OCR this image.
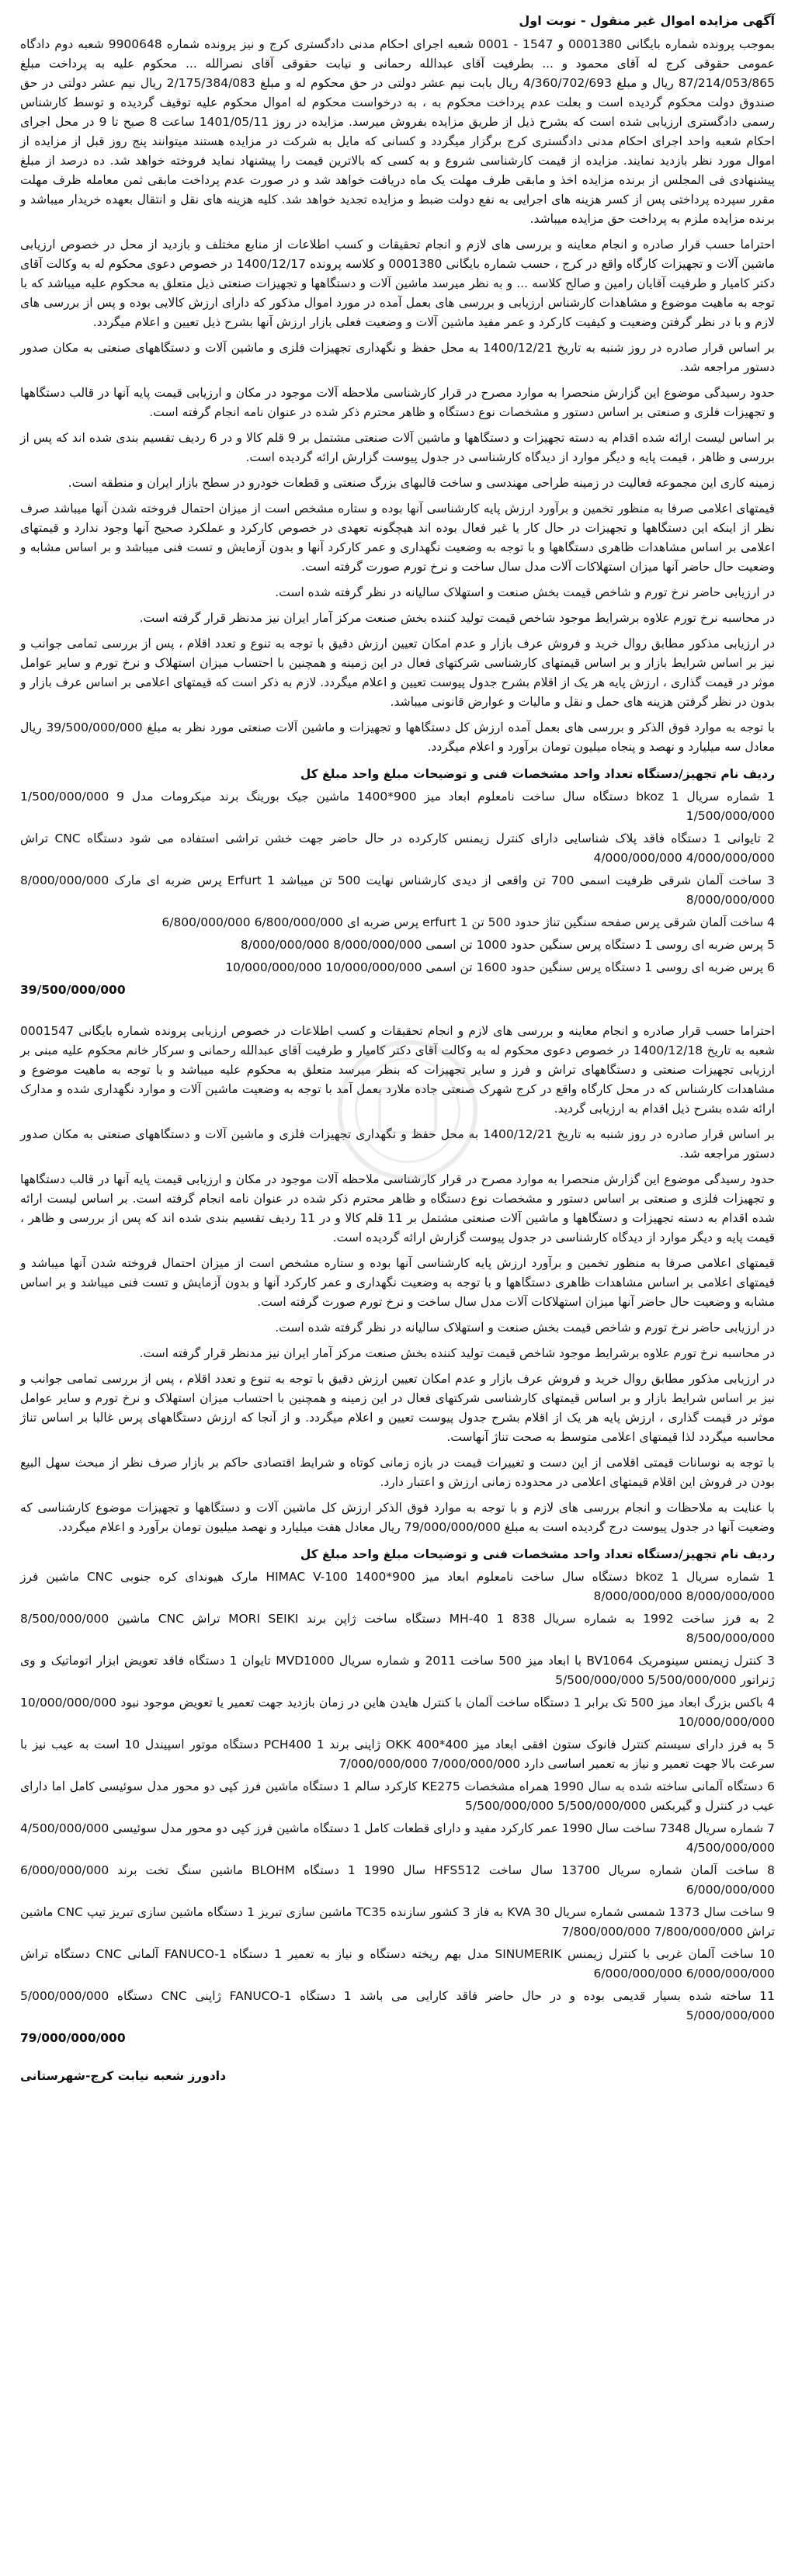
آگهی مزایده اموال غیر منقول - نوبت اول

بموجب پرونده شماره بایگانی 0001380 و 1547 - 0001 شعبه اجرای احکام مدنی دادگستری کرج و نیز پرونده شماره 9900648 شعبه دوم دادگاه عمومی حقوقی کرج له آقای محمود و ... بطرفیت آقای عبدالله رحمانی و نیابت حقوقی آقای نصرالله ... محکوم علیه به پرداخت مبلغ 87/214/053/865 ریال و مبلغ 4/360/702/693 ریال بابت نیم عشر دولتی در حق محکوم له و مبلغ 2/175/384/083 ریال نیم عشر دولتی در حق صندوق دولت محکوم گردیده است و بعلت عدم پرداخت محکوم به ، به درخواست محکوم له اموال محکوم علیه توقیف گردیده و توسط کارشناس رسمی دادگستری ارزیابی شده است که بشرح ذیل از طریق مزایده بفروش میرسد. مزایده در روز 1401/05/11 ساعت 8 صبح تا 9 در محل اجرای احکام شعبه واحد اجرای احکام مدنی دادگستری کرج برگزار میگردد و کسانی که مایل به شرکت در مزایده هستند میتوانند پنج روز قبل از مزایده از اموال مورد نظر بازدید نمایند. مزایده از قیمت کارشناسی شروع و به کسی که بالاترین قیمت را پیشنهاد نماید فروخته خواهد شد. ده درصد از مبلغ پیشنهادی فی المجلس از برنده مزایده اخذ و مابقی ظرف مهلت یک ماه دریافت خواهد شد و در صورت عدم پرداخت مابقی ثمن معامله ظرف مهلت مقرر سپرده پرداختی پس از کسر هزینه های اجرایی به نفع دولت ضبط و مزایده تجدید خواهد شد. کلیه هزینه های نقل و انتقال بعهده خریدار میباشد و برنده مزایده ملزم به پرداخت حق مزایده میباشد.

احتراما حسب قرار صادره و انجام معاینه و بررسی های لازم و انجام تحقیقات و کسب اطلاعات از منابع مختلف و بازدید از محل در خصوص ارزیابی ماشین آلات و تجهیزات کارگاه واقع در کرج ، حسب شماره بایگانی 0001380 و کلاسه پرونده 1400/12/17 در خصوص دعوی محکوم له به وکالت آقای دکتر کامیار و طرفیت آقایان رامین و صالح کلاسه ... و به نظر میرسد ماشین آلات و دستگاهها و تجهیزات صنعتی ذیل متعلق به محکوم علیه میباشد که با توجه به ماهیت موضوع و مشاهدات کارشناس ارزیابی و بررسی های بعمل آمده در مورد اموال مذکور که دارای ارزش کالایی بوده و پس از بررسی های لازم و با در نظر گرفتن وضعیت و کیفیت کارکرد و عمر مفید ماشین آلات و وضعیت فعلی بازار ارزش آنها بشرح ذیل تعیین و اعلام میگردد.

بر اساس قرار صادره در روز شنبه به تاریخ 1400/12/21 به محل حفظ و نگهداری تجهیزات فلزی و ماشین آلات و دستگاههای صنعتی به مکان صدور دستور مراجعه شد.

حدود رسیدگی موضوع این گزارش منحصرا به موارد مصرح در قرار کارشناسی ملاحظه آلات موجود در مکان و ارزیابی قیمت پایه آنها در قالب دستگاهها و تجهیزات فلزی و صنعتی بر اساس دستور و مشخصات نوع دستگاه و ظاهر محترم ذکر شده در عنوان نامه انجام گرفته است.

بر اساس لیست ارائه شده اقدام به دسته تجهیزات و دستگاهها و ماشین آلات صنعتی مشتمل بر 9 قلم کالا و در 6 ردیف تقسیم بندی شده اند که پس از بررسی و ظاهر ، قیمت پایه و دیگر موارد از دیدگاه کارشناسی در جدول پیوست گزارش ارائه گردیده است.

زمینه کاری این مجموعه فعالیت در زمینه طراحی مهندسی و ساخت قالبهای بزرگ صنعتی و قطعات خودرو در سطح بازار ایران و منطقه است.

قیمتهای اعلامی صرفا به منظور تخمین و برآورد ارزش پایه کارشناسی آنها بوده و ستاره مشخص است از میزان احتمال فروخته شدن آنها میباشد صرف نظر از اینکه این دستگاهها و تجهیزات در حال کار یا غیر فعال بوده اند هیچگونه تعهدی در خصوص کارکرد و عملکرد صحیح آنها وجود ندارد و قیمتهای اعلامی بر اساس مشاهدات ظاهری دستگاهها و با توجه به وضعیت نگهداری و عمر کارکرد آنها و بدون آزمایش و تست فنی میباشد و بر اساس مشابه و وضعیت حال حاضر آنها میزان استهلاکات آلات مدل سال ساخت و نرخ تورم صورت گرفته است.

در ارزیابی حاضر نرخ تورم و شاخص قیمت بخش صنعت و استهلاک سالیانه در نظر گرفته شده است.

در محاسبه نرخ تورم علاوه برشرایط موجود شاخص قیمت تولید کننده بخش صنعت مرکز آمار ایران نیز مدنظر قرار گرفته است.

در ارزیابی مذکور مطابق روال خرید و فروش عرف بازار و عدم امکان تعیین ارزش دقیق با توجه به تنوع و تعدد اقلام ، پس از بررسی تمامی جوانب و نیز بر اساس شرایط بازار و بر اساس قیمتهای کارشناسی شرکتهای فعال در این زمینه و همچنین با احتساب میزان استهلاک و نرخ تورم و سایر عوامل موثر در قیمت گذاری ، ارزش پایه هر یک از اقلام بشرح جدول پیوست تعیین و اعلام میگردد. لازم به ذکر است که قیمتهای اعلامی بر اساس عرف بازار و بدون در نظر گرفتن هزینه های حمل و نقل و مالیات و عوارض قانونی میباشد.

با توجه به موارد فوق الذکر و بررسی های بعمل آمده ارزش کل دستگاهها و تجهیزات و ماشین آلات صنعتی مورد نظر به مبلغ 39/500/000/000 ریال معادل سه میلیارد و نهصد و پنجاه میلیون تومان برآورد و اعلام میگردد.

ردیف نام تجهیز/دستگاه تعداد واحد مشخصات فنی و توضیحات مبلغ واحد مبلغ کل
1 شماره سریال bkoz 1 دستگاه سال ساخت نامعلوم ابعاد میز 900*1400 ماشین جیک بورینگ برند میکرومات مدل 9 1/500/000/000 1/500/000/000
2 تایوانی 1 دستگاه فاقد پلاک شناسایی دارای کنترل زیمنس کارکرده در حال حاضر جهت خشن تراشی استفاده می شود دستگاه CNC تراش 4/000/000/000 4/000/000/000
3 ساخت آلمان شرقی ظرفیت اسمی 700 تن واقعی از دیدی کارشناس نهایت 500 تن میباشد 1 Erfurt پرس ضربه ای مارک 8/000/000/000 8/000/000/000
4 ساخت آلمان شرقی پرس صفحه سنگین تناژ حدود 500 تن 1 erfurt پرس ضربه ای 6/800/000/000 6/800/000/000
5 پرس ضربه ای روسی 1 دستگاه پرس سنگین حدود 1000 تن اسمی 8/000/000/000 8/000/000/000
6 پرس ضربه ای روسی 1 دستگاه پرس سنگین حدود 1600 تن اسمی 10/000/000/000 10/000/000/000
39/500/000/000

احتراما حسب قرار صادره و انجام معاینه و بررسی های لازم و انجام تحقیقات و کسب اطلاعات در خصوص ارزیابی پرونده شماره بایگانی 0001547 شعبه به تاریخ 1400/12/18 در خصوص دعوی محکوم له به وکالت آقای دکتر کامیار و طرفیت آقای عبدالله رحمانی و سرکار خانم محکوم علیه مبنی بر ارزیابی تجهیزات صنعتی و دستگاههای تراش و فرز و سایر تجهیزات که بنظر میرسد متعلق به محکوم علیه میباشد و با توجه به ماهیت موضوع و مشاهدات کارشناس که در محل کارگاه واقع در کرج شهرک صنعتی جاده ملارد بعمل آمد با توجه به وضعیت ماشین آلات و موارد نگهداری شده و مدارک ارائه شده بشرح ذیل اقدام به ارزیابی گردید.

بر اساس قرار صادره در روز شنبه به تاریخ 1400/12/21 به محل حفظ و نگهداری تجهیزات فلزی و ماشین آلات و دستگاههای صنعتی به مکان صدور دستور مراجعه شد.

حدود رسیدگی موضوع این گزارش منحصرا به موارد مصرح در قرار کارشناسی ملاحظه آلات موجود در مکان و ارزیابی قیمت پایه آنها در قالب دستگاهها و تجهیزات فلزی و صنعتی بر اساس دستور و مشخصات نوع دستگاه و ظاهر محترم ذکر شده در عنوان نامه انجام گرفته است. بر اساس لیست ارائه شده اقدام به دسته تجهیزات و دستگاهها و ماشین آلات صنعتی مشتمل بر 11 قلم کالا و در 11 ردیف تقسیم بندی شده اند که پس از بررسی و ظاهر ، قیمت پایه و دیگر موارد از دیدگاه کارشناسی در جدول پیوست گزارش ارائه گردیده است.

قیمتهای اعلامی صرفا به منظور تخمین و برآورد ارزش پایه کارشناسی آنها بوده و ستاره مشخص است از میزان احتمال فروخته شدن آنها میباشد و قیمتهای اعلامی بر اساس مشاهدات ظاهری دستگاهها و با توجه به وضعیت نگهداری و عمر کارکرد آنها و بدون آزمایش و تست فنی میباشد و بر اساس مشابه و وضعیت حال حاضر آنها میزان استهلاکات آلات مدل سال ساخت و نرخ تورم صورت گرفته است.

در ارزیابی حاضر نرخ تورم و شاخص قیمت بخش صنعت و استهلاک سالیانه در نظر گرفته شده است.

در محاسبه نرخ تورم علاوه برشرایط موجود شاخص قیمت تولید کننده بخش صنعت مرکز آمار ایران نیز مدنظر قرار گرفته است.

در ارزیابی مذکور مطابق روال خرید و فروش عرف بازار و عدم امکان تعیین ارزش دقیق با توجه به تنوع و تعدد اقلام ، پس از بررسی تمامی جوانب و نیز بر اساس شرایط بازار و بر اساس قیمتهای کارشناسی شرکتهای فعال در این زمینه و همچنین با احتساب میزان استهلاک و نرخ تورم و سایر عوامل موثر در قیمت گذاری ، ارزش پایه هر یک از اقلام بشرح جدول پیوست تعیین و اعلام میگردد. و از آنجا که ارزش دستگاههای پرس غالبا بر اساس تناژ محاسبه میگردد لذا قیمتهای اعلامی متوسط به صحت تناژ آنهاست.

با توجه به نوسانات قیمتی اقلامی از این دست و تغییرات قیمت در بازه زمانی کوتاه و شرایط اقتصادی حاکم بر بازار صرف نظر از مبحث سهل البیع بودن در فروش این اقلام قیمتهای اعلامی در محدوده زمانی ارزش و اعتبار دارد.

با عنایت به ملاحظات و انجام بررسی های لازم و با توجه به موارد فوق الذکر ارزش کل ماشین آلات و دستگاهها و تجهیزات موضوع کارشناسی که وضعیت آنها در جدول پیوست درج گردیده است به مبلغ 79/000/000/000 ریال معادل هفت میلیارد و نهصد میلیون تومان برآورد و اعلام میگردد.

ردیف نام تجهیز/دستگاه تعداد واحد مشخصات فنی و توضیحات مبلغ واحد مبلغ کل
1 شماره سریال bkoz 1 دستگاه سال ساخت نامعلوم ابعاد میز 900*1400 HIMAC V-100 مارک هیوندای کره جنوبی CNC ماشین فرز 8/000/000/000 8/000/000/000
2 به فرز ساخت 1992 به شماره سریال 838 MH-40 1 دستگاه ساخت ژاپن برند MORI SEIKI تراش CNC ماشین 8/500/000/000 8/500/000/000
3 کنترل زیمنس سینومریک BV1064 با ابعاد میز 500 ساخت 2011 و شماره سریال MVD1000 تایوان 1 دستگاه فاقد تعویض ابزار اتوماتیک و وی ژنراتور 5/500/000/000 5/500/000/000
4 باکس بزرگ ابعاد میز 500 تک برابر 1 دستگاه ساخت آلمان با کنترل هایدن هاین در زمان بازدید جهت تعمیر یا تعویض موجود نبود 10/000/000/000 10/000/000/000
5 به فرز دارای سیستم کنترل فانوک ستون افقی ابعاد میز 400*400 OKK ژاپنی برند PCH400 1 دستگاه موتور اسپیندل 10 است به عیب نیز با سرعت بالا جهت تعمیر و نیاز به تعمیر اساسی دارد 7/000/000/000 7/000/000/000
6 دستگاه آلمانی ساخته شده به سال 1990 همراه مشخصات KE275 کارکرد سالم 1 دستگاه ماشین فرز کپی دو محور مدل سوئیسی کامل اما دارای عیب در کنترل و گیربکس 5/500/000/000 5/500/000/000
7 شماره سریال 7348 ساخت سال 1990 عمر کارکرد مفید و دارای قطعات کامل 1 دستگاه ماشین فرز کپی دو محور مدل سوئیسی 4/500/000/000 4/500/000/000
8 ساخت آلمان شماره سریال 13700 سال ساخت HFS512 سال 1990 1 دستگاه BLOHM ماشین سنگ تخت برند 6/000/000/000 6/000/000/000
9 ساخت سال 1373 شمسی شماره سریال KVA 30 به فاز 3 کشور سازنده TC35 ماشین سازی تبریز 1 دستگاه ماشین سازی تبریز تیپ CNC ماشین تراش 7/800/000/000 7/800/000/000
10 ساخت آلمان غربی با کنترل زیمنس SINUMERIK مدل بهم ریخته دستگاه و نیاز به تعمیر 1 دستگاه FANUCO-1 آلمانی CNC دستگاه تراش 6/000/000/000 6/000/000/000
11 ساخته شده بسیار قدیمی بوده و در حال حاضر فاقد کارایی می باشد 1 دستگاه FANUCO-1 ژاپنی CNC دستگاه 5/000/000/000 5/000/000/000
79/000/000/000
دادورز شعبه نیابت کرج-شهرستانی
